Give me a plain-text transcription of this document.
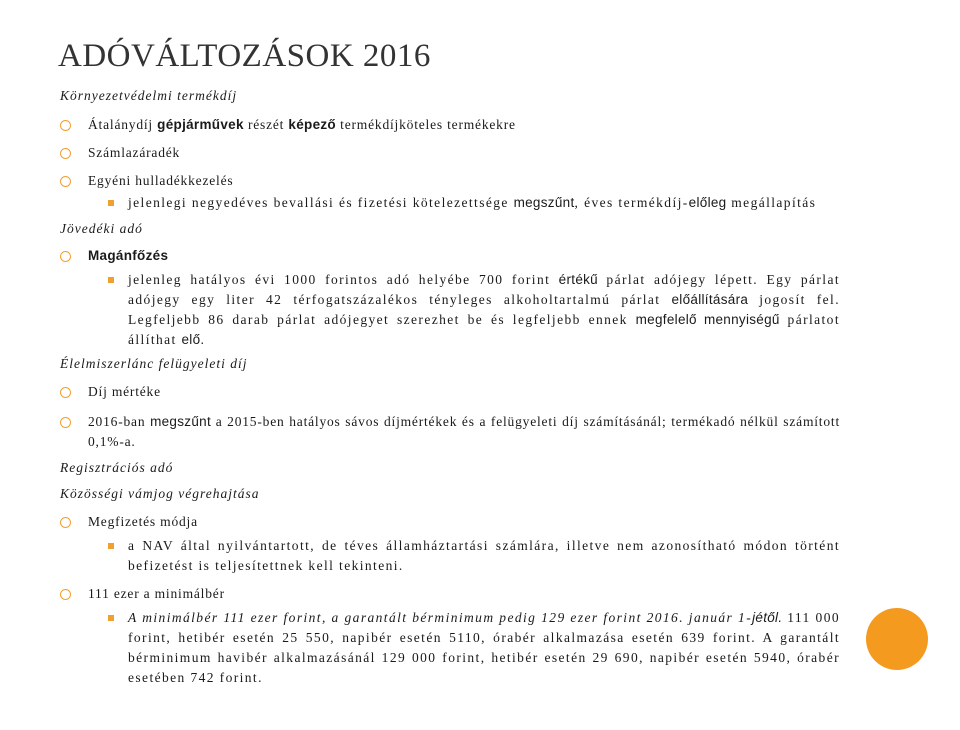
ADÓVÁLTOZÁSOK 2016
Környezetvédelmi termékdíj
Átalánydíj gépjárművek részét képező termékdíjköteles termékekre
Számlazáradék
Egyéni hulladékkezelés
jelenlegi negyedéves bevallási és fizetési kötelezettsége megszűnt, éves termékdíj-előleg megállapítás
Jövedéki adó
Magánfőzés
jelenleg hatályos évi 1000 forintos adó helyébe 700 forint értékű párlat adójegy lépett. Egy párlat adójegy egy liter 42 térfogatszázalékos tényleges alkoholtartalmú párlat előállítására jogosít fel. Legfeljebb 86 darab párlat adójegyet szerezhet be és legfeljebb ennek megfelelő mennyiségű párlatot állíthat elő.
Élelmiszerlánc felügyeleti díj
Díj mértéke
2016-ban megszűnt a 2015-ben hatályos sávos díjmértékek és a felügyeleti díj számításánál; termékadó nélkül számított 0,1%-a.
Regisztrációs adó
Közösségi vámjog végrehajtása
Megfizetés módja
a NAV által nyilvántartott, de téves államháztartási számlára, illetve nem azonosítható módon történt befizetést is teljesítettnek kell tekinteni.
111 ezer a minimálbér
A minimálbér 111 ezer forint, a garantált bérminimum pedig 129 ezer forint 2016. január 1-jétől. 111 000 forint, hetibér esetén 25 550, napibér esetén 5110, órabér alkalmazása esetén 639 forint. A garantált bérminimum havibér alkalmazásánál 129 000 forint, hetibér esetén 29 690, napibér esetén 5940, órabér esetében 742 forint.
